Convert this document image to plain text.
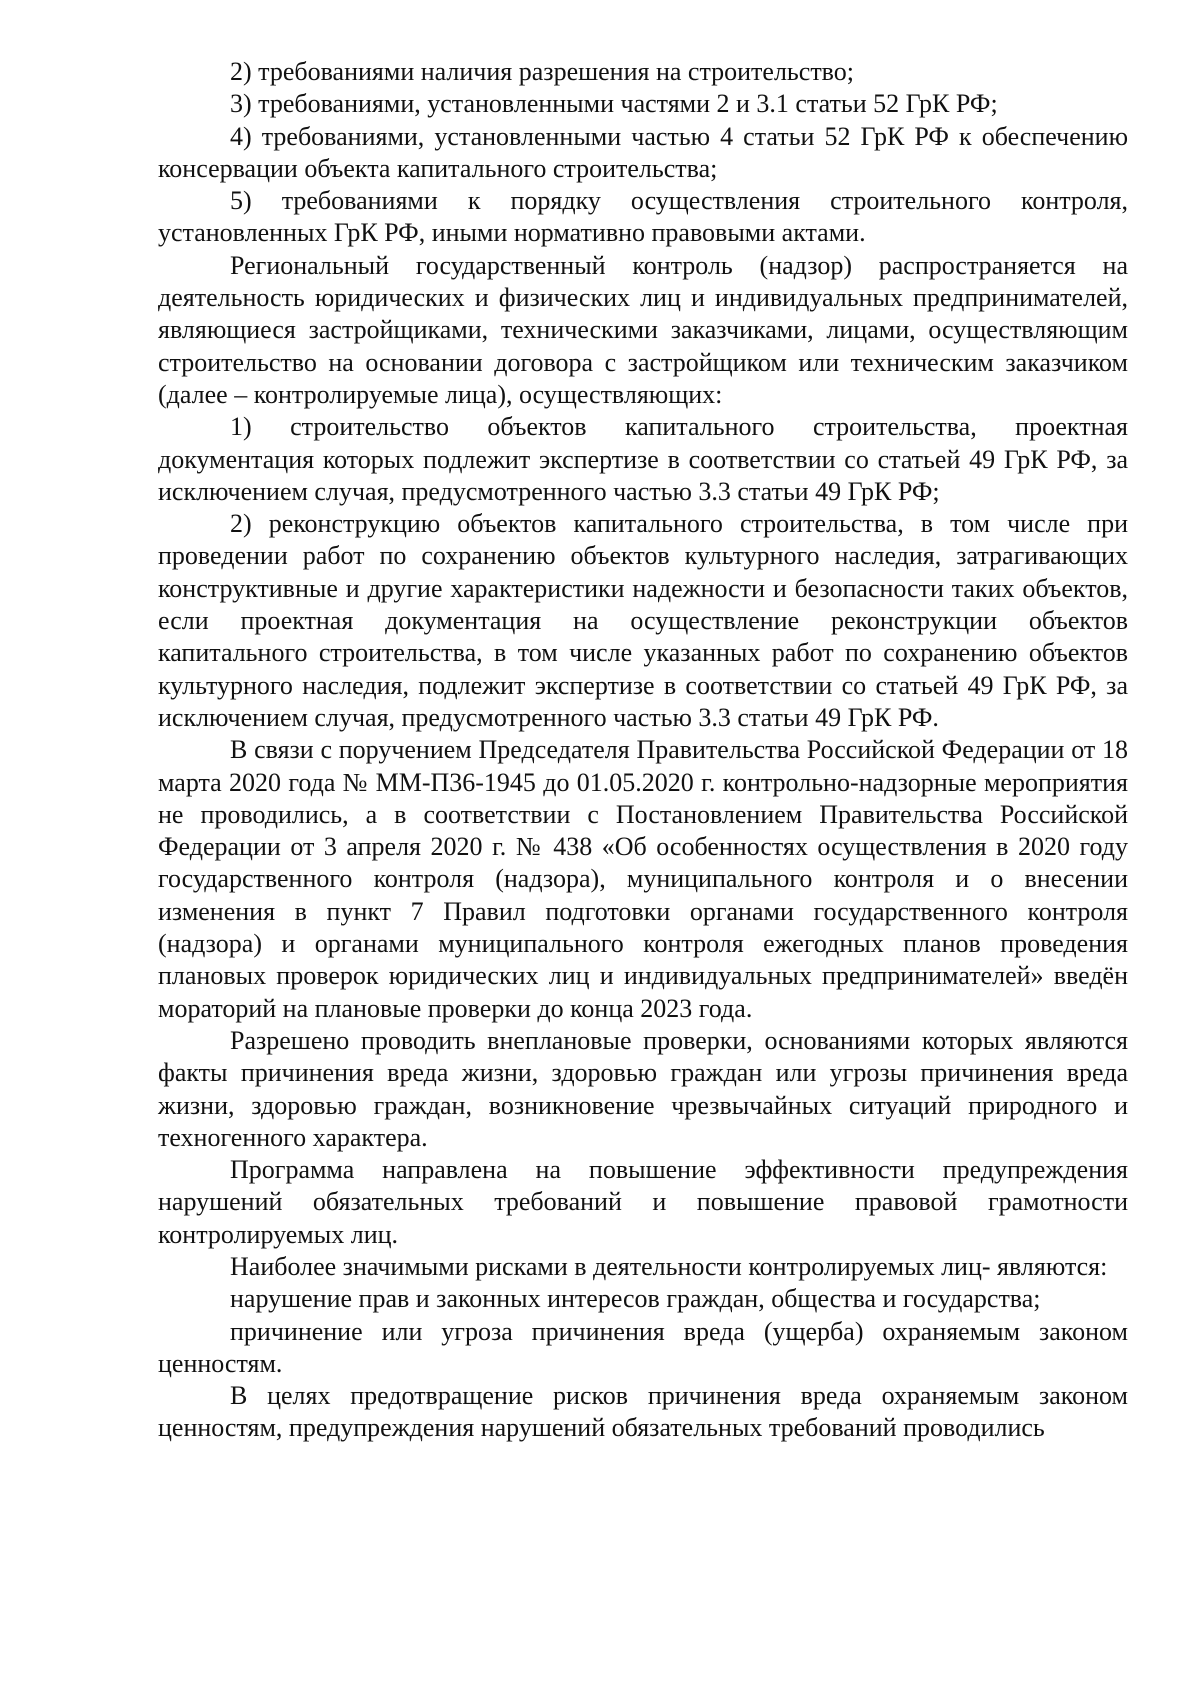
2) требованиями наличия разрешения на строительство;

3) требованиями, установленными частями 2 и 3.1 статьи 52 ГрК РФ;

4) требованиями, установленными частью 4 статьи 52 ГрК РФ к обеспечению консервации объекта капитального строительства;

5) требованиями к порядку осуществления строительного контроля, установленных ГрК РФ, иными нормативно правовыми актами.

Региональный государственный контроль (надзор) распространяется на деятельность юридических и физических лиц и индивидуальных предпринимателей, являющиеся застройщиками, техническими заказчиками, лицами, осуществляющим строительство на основании договора с застройщиком или техническим заказчиком (далее – контролируемые лица), осуществляющих:

1) строительство объектов капитального строительства, проектная документация которых подлежит экспертизе в соответствии со статьей 49 ГрК РФ, за исключением случая, предусмотренного частью 3.3 статьи 49 ГрК РФ;

2) реконструкцию объектов капитального строительства, в том числе при проведении работ по сохранению объектов культурного наследия, затрагивающих конструктивные и другие характеристики надежности и безопасности таких объектов, если проектная документация на осуществление реконструкции объектов капитального строительства, в том числе указанных работ по сохранению объектов культурного наследия, подлежит экспертизе в соответствии со статьей 49 ГрК РФ, за исключением случая, предусмотренного частью 3.3 статьи 49 ГрК РФ.

В связи с поручением Председателя Правительства Российской Федерации от 18 марта 2020 года № ММ-П36-1945 до 01.05.2020 г. контрольно-надзорные мероприятия не проводились, а в соответствии с Постановлением Правительства Российской Федерации от 3 апреля 2020 г. № 438 «Об особенностях осуществления в 2020 году государственного контроля (надзора), муниципального контроля и о внесении изменения в пункт 7 Правил подготовки органами государственного контроля (надзора) и органами муниципального контроля ежегодных планов проведения плановых проверок юридических лиц и индивидуальных предпринимателей» введён мораторий на плановые проверки до конца 2023 года.

Разрешено проводить внеплановые проверки, основаниями которых являются факты причинения вреда жизни, здоровью граждан или угрозы причинения вреда жизни, здоровью граждан, возникновение чрезвычайных ситуаций природного и техногенного характера.

Программа направлена на повышение эффективности предупреждения нарушений обязательных требований и повышение правовой грамотности контролируемых лиц.

Наиболее значимыми рисками в деятельности контролируемых лиц- являются:

нарушение прав и законных интересов граждан, общества и государства;

причинение или угроза причинения вреда (ущерба) охраняемым законом ценностям.

В целях предотвращение рисков причинения вреда охраняемым законом ценностям, предупреждения нарушений обязательных требований проводились
